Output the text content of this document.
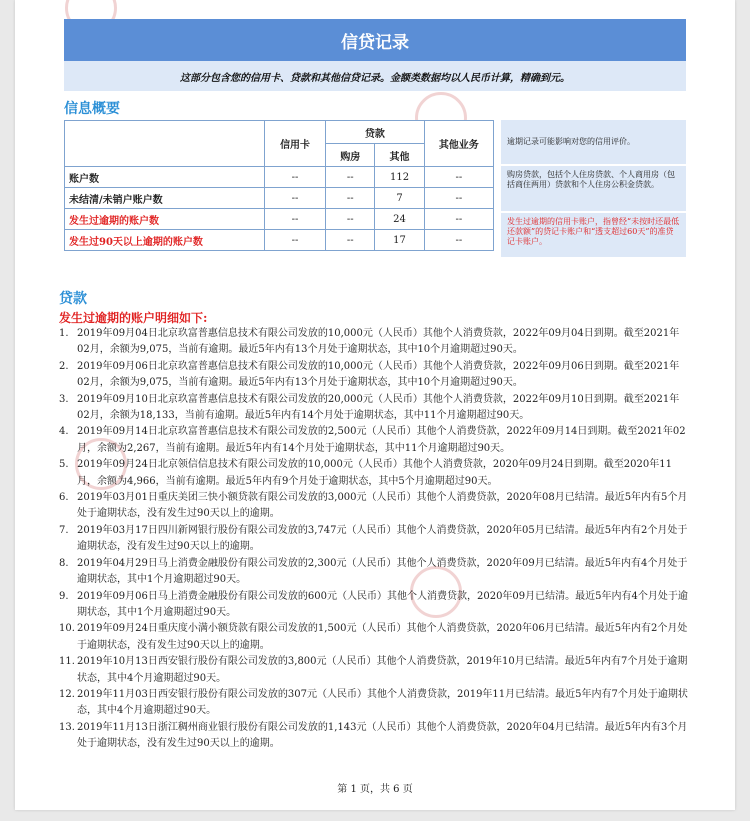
信贷记录
这部分包含您的信用卡、贷款和其他信贷记录。金额类数据均以人民币计算，精确到元。
信息概要
	信用卡	贷款		其他业务
		购房	其他	
账户数	--	--	112	--
未结清/未销户账户数	--	--	7	--
发生过逾期的账户数	--	--	24	--
发生过90天以上逾期的账户数	--	--	17	--
逾期记录可能影响对您的信用评价。
购房贷款，包括个人住房贷款、个人商用房（包括商住两用）贷款和个人住房公积金贷款。
发生过逾期的信用卡账户，指曾经“未按时还最低还款额”的贷记卡账户和“透支超过60天”的准贷记卡账户。
贷款
发生过逾期的账户明细如下:
1. 2019年09月04日北京玖富普惠信息技术有限公司发放的10,000元（人民币）其他个人消费贷款，2022年09月04日到期。截至2021年02月，余额为9,075，当前有逾期。最近5年内有13个月处于逾期状态，其中10个月逾期超过90天。
2. 2019年09月06日北京玖富普惠信息技术有限公司发放的10,000元（人民币）其他个人消费贷款，2022年09月06日到期。截至2021年02月，余额为9,075，当前有逾期。最近5年内有13个月处于逾期状态，其中10个月逾期超过90天。
3. 2019年09月10日北京玖富普惠信息技术有限公司发放的20,000元（人民币）其他个人消费贷款，2022年09月10日到期。截至2021年02月，余额为18,133，当前有逾期。最近5年内有14个月处于逾期状态，其中11个月逾期超过90天。
4. 2019年09月14日北京玖富普惠信息技术有限公司发放的2,500元（人民币）其他个人消费贷款，2022年09月14日到期。截至2021年02月，余额为2,267，当前有逾期。最近5年内有14个月处于逾期状态，其中11个月逾期超过90天。
5. 2019年09月24日北京领信信息技术有限公司发放的10,000元（人民币）其他个人消费贷款，2020年09月24日到期。截至2020年11月，余额为4,966，当前有逾期。最近5年内有9个月处于逾期状态，其中5个月逾期超过90天。
6. 2019年03月01日重庆美团三快小额贷款有限公司发放的3,000元（人民币）其他个人消费贷款，2020年08月已结清。最近5年内有5个月处于逾期状态，没有发生过90天以上的逾期。
7. 2019年03月17日四川新网银行股份有限公司发放的3,747元（人民币）其他个人消费贷款，2020年05月已结清。最近5年内有2个月处于逾期状态，没有发生过90天以上的逾期。
8. 2019年04月29日马上消费金融股份有限公司发放的2,300元（人民币）其他个人消费贷款，2020年09月已结清。最近5年内有4个月处于逾期状态，其中1个月逾期超过90天。
9. 2019年09月06日马上消费金融股份有限公司发放的600元（人民币）其他个人消费贷款，2020年09月已结清。最近5年内有4个月处于逾期状态，其中1个月逾期超过90天。
10. 2019年09月24日重庆度小满小额贷款有限公司发放的1,500元（人民币）其他个人消费贷款，2020年06月已结清。最近5年内有2个月处于逾期状态，没有发生过90天以上的逾期。
11. 2019年10月13日西安银行股份有限公司发放的3,800元（人民币）其他个人消费贷款，2019年10月已结清。最近5年内有7个月处于逾期状态，其中4个月逾期超过90天。
12. 2019年11月03日西安银行股份有限公司发放的307元（人民币）其他个人消费贷款，2019年11月已结清。最近5年内有7个月处于逾期状态，其中4个月逾期超过90天。
13. 2019年11月13日浙江稠州商业银行股份有限公司发放的1,143元（人民币）其他个人消费贷款，2020年04月已结清。最近5年内有3个月处于逾期状态，没有发生过90天以上的逾期。
第 1 页，共 6 页
